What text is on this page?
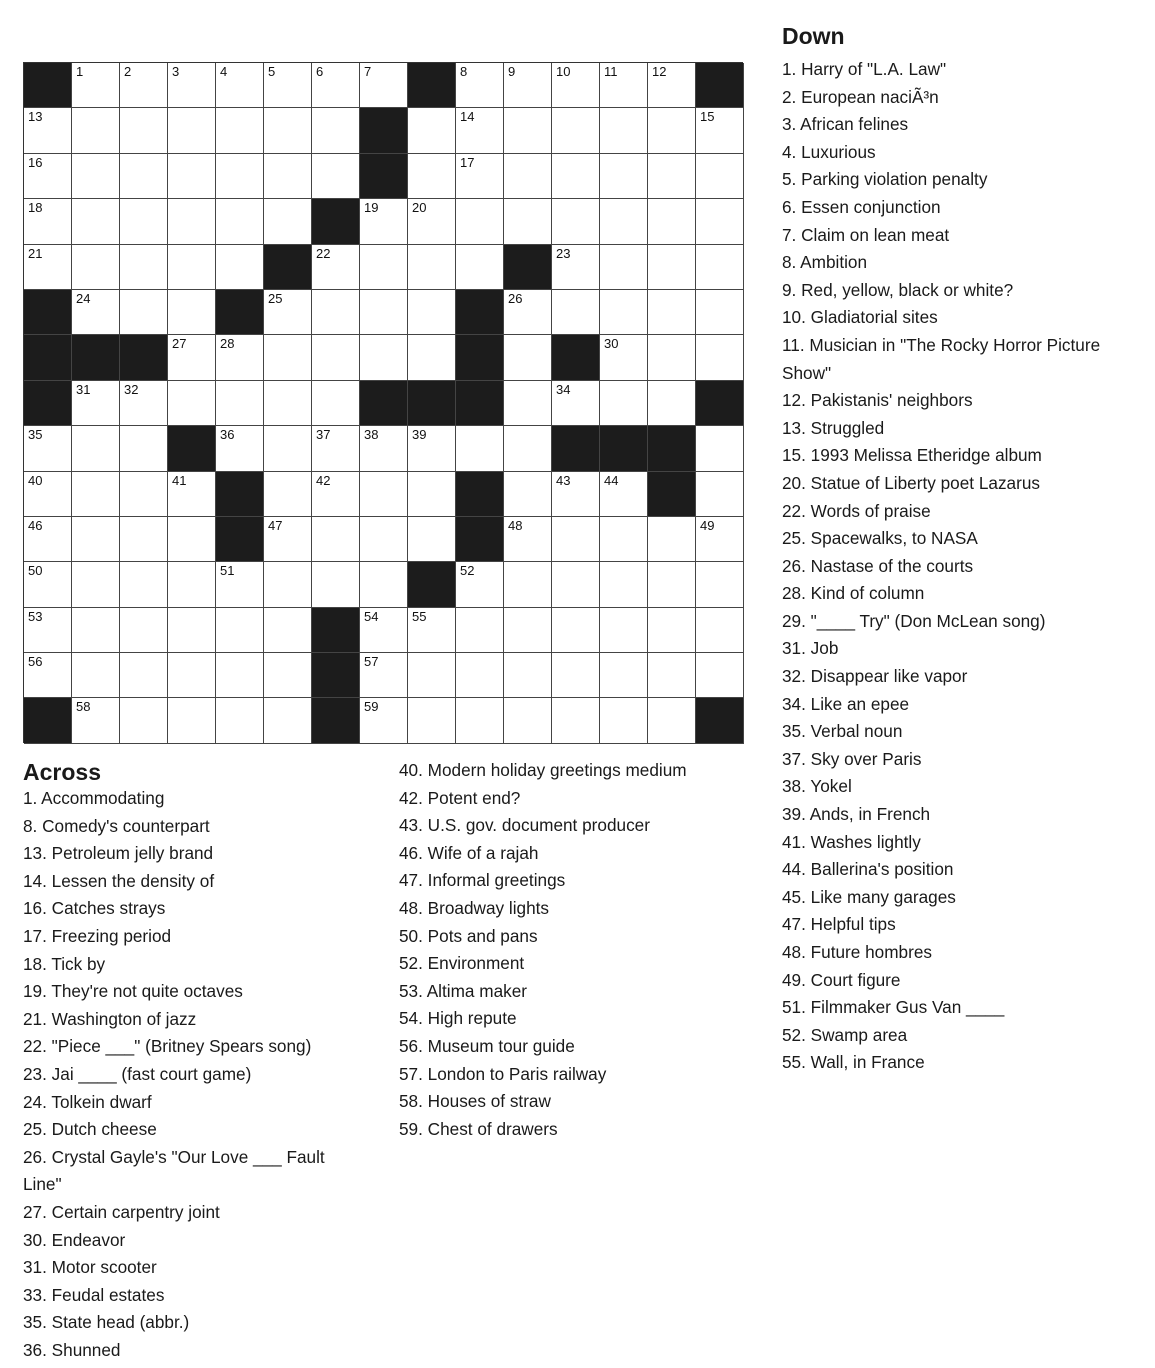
1	2	3	4	5	6	7	8	9	10	11	12
13	14	15
16	17
18	19	20
21	22	23
24	25	26
27	28	30
31	32	34
35	36	37	38	39
40	41	42	43	44
46	47	48	49
50	51	52
53	54	55
56	57
58	59
Down
1. Harry of "L.A. Law"
2. European naciÃ³n
3. African felines
4. Luxurious
5. Parking violation penalty
6. Essen conjunction
7. Claim on lean meat
8. Ambition
9. Red, yellow, black or white?
10. Gladiatorial sites
11. Musician in "The Rocky Horror Picture
Show"
12. Pakistanis' neighbors
13. Struggled
15. 1993 Melissa Etheridge album
20. Statue of Liberty poet Lazarus
22. Words of praise
25. Spacewalks, to NASA
26. Nastase of the courts
28. Kind of column
29. "____ Try" (Don McLean song)
31. Job
32. Disappear like vapor
34. Like an epee
35. Verbal noun
37. Sky over Paris
38. Yokel
39. Ands, in French
41. Washes lightly
44. Ballerina's position
45. Like many garages
47. Helpful tips
48. Future hombres
49. Court figure
51. Filmmaker Gus Van ____
52. Swamp area
55. Wall, in France
Across
1. Accommodating
8. Comedy's counterpart
13. Petroleum jelly brand
14. Lessen the density of
16. Catches strays
17. Freezing period
18. Tick by
19. They're not quite octaves
21. Washington of jazz
22. "Piece ___" (Britney Spears song)
23. Jai ____ (fast court game)
24. Tolkein dwarf
25. Dutch cheese
26. Crystal Gayle's "Our Love ___ Fault
Line"
27. Certain carpentry joint
30. Endeavor
31. Motor scooter
33. Feudal estates
35. State head (abbr.)
36. Shunned
40. Modern holiday greetings medium
42. Potent end?
43. U.S. gov. document producer
46. Wife of a rajah
47. Informal greetings
48. Broadway lights
50. Pots and pans
52. Environment
53. Altima maker
54. High repute
56. Museum tour guide
57. London to Paris railway
58. Houses of straw
59. Chest of drawers
